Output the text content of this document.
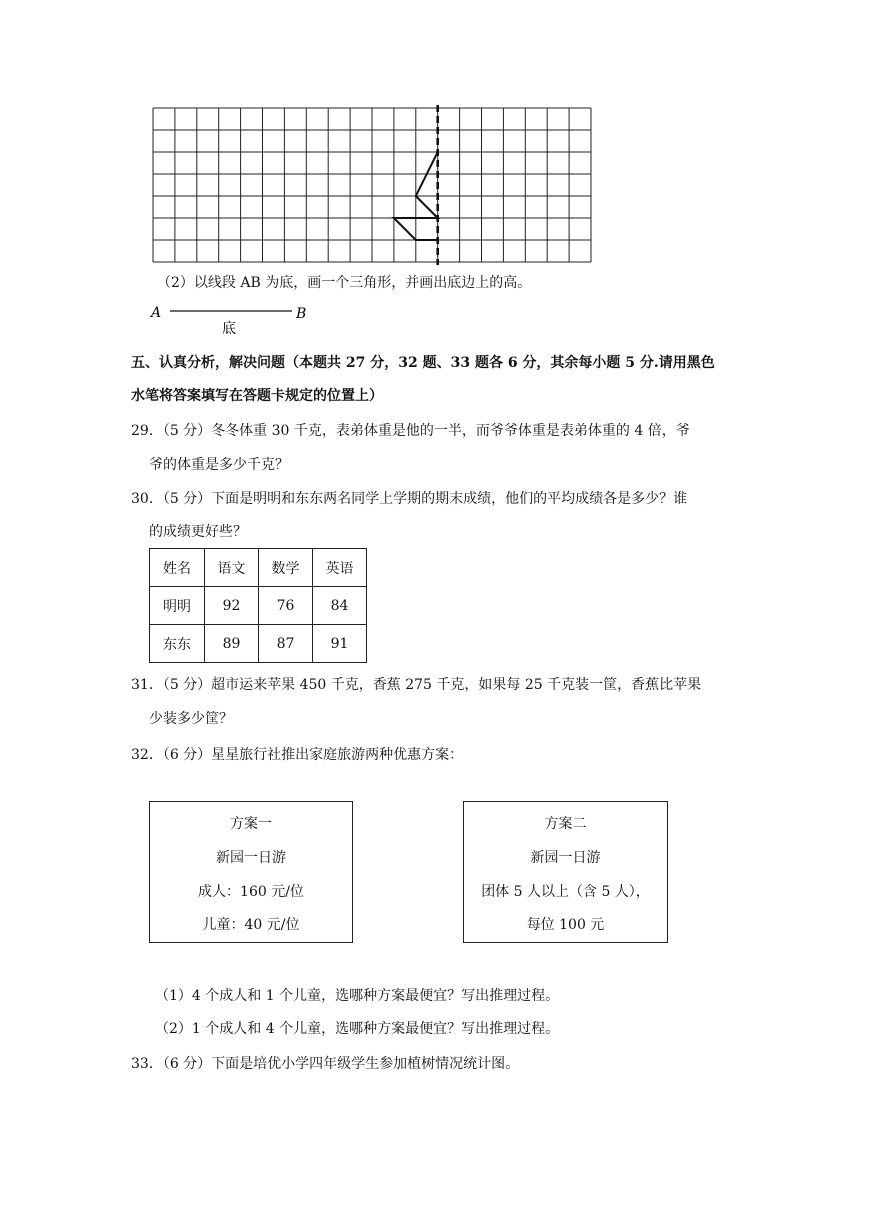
（2）以线段 AB 为底，画一个三角形，并画出底边上的高。
A	B
底
五、认真分析，解决问题（本题共 27 分，32 题、33 题各 6 分，其余每小题 5 分.请用黑色
水笔将答案填写在答题卡规定的位置上）
29．（5 分）冬冬体重 30 千克，表弟体重是他的一半，而爷爷体重是表弟体重的 4 倍，爷
爷的体重是多少千克？
30．（5 分）下面是明明和东东两名同学上学期的期末成绩，他们的平均成绩各是多少？谁
的成绩更好些？
姓名	语文	数学	英语
明明	92	76	84
东东	89	87	91
31．（5 分）超市运来苹果 450 千克，香蕉 275 千克，如果每 25 千克装一筐，香蕉比苹果
少装多少筐？
32．（6 分）星星旅行社推出家庭旅游两种优惠方案：
方案一
新园一日游
成人：160 元/位
儿童：40 元/位
方案二
新园一日游
团体 5 人以上（含 5 人），
每位 100 元
（1）4 个成人和 1 个儿童，选哪种方案最便宜？写出推理过程。
（2）1 个成人和 4 个儿童，选哪种方案最便宜？写出推理过程。
33．（6 分）下面是培优小学四年级学生参加植树情况统计图。
